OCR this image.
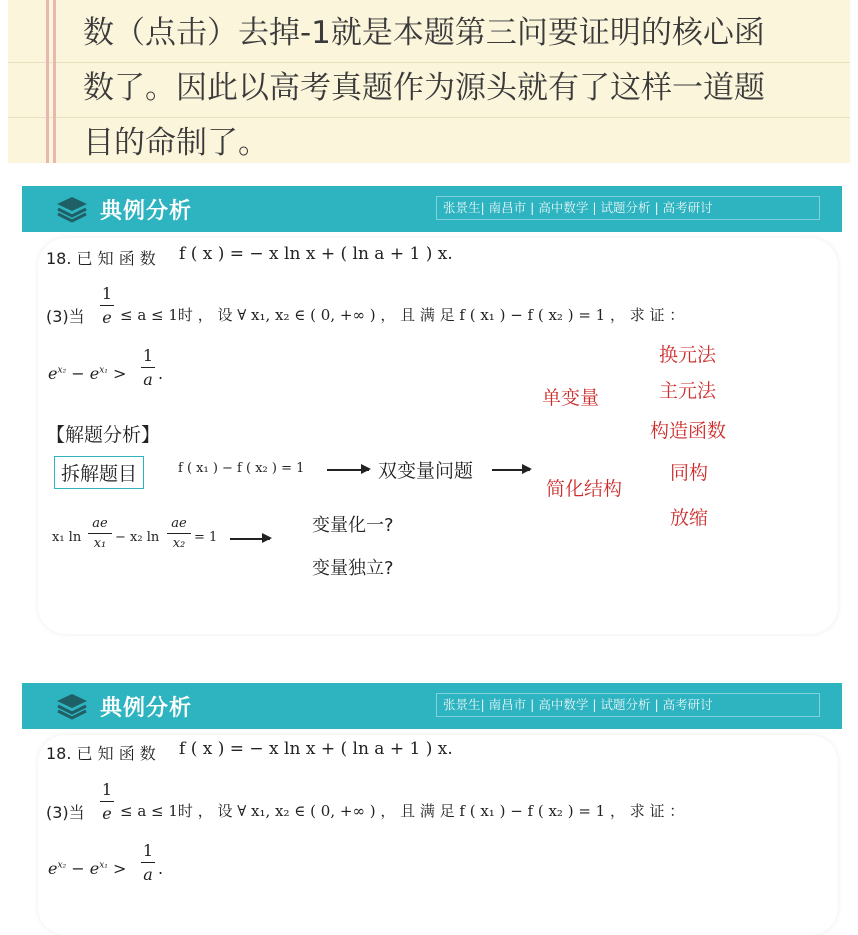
数（点击）去掉-1就是本题第三问要证明的核心函
数了。因此以高考真题作为源头就有了这样一道题
目的命制了。
典例分析	张景生| 南昌市 | 高中数学 | 试题分析 | 高考研讨
18. 已 知 函 数 f ( x ) = − x ln x + ( ln a + 1 ) x.
(3)当
1
e ≤ a ≤ 1时 ， 设 ∀ x₁, x₂ ∈ ( 0, +∞ ) ， 且 满 足 f ( x₁ ) − f ( x₂ ) = 1 ， 求 证 ：
$e^{x_2} - e^{x_1}$ >
1
a .
【解题分析】
拆解题目	f ( x₁ ) − f ( x₂ ) = 1	双变量问题
x₁ ln
ae
x₁ − x₂ ln
ae
x₂ = 1
变量化一?
变量独立?
单变量
简化结构
换元法
主元法
构造函数
同构
放缩
典例分析	张景生| 南昌市 | 高中数学 | 试题分析 | 高考研讨
18. 已 知 函 数 f ( x ) = − x ln x + ( ln a + 1 ) x.
(3)当
1
e ≤ a ≤ 1时 ， 设 ∀ x₁, x₂ ∈ ( 0, +∞ ) ， 且 满 足 f ( x₁ ) − f ( x₂ ) = 1 ， 求 证 ：
$e^{x_2} - e^{x_1}$ >
1
a .
